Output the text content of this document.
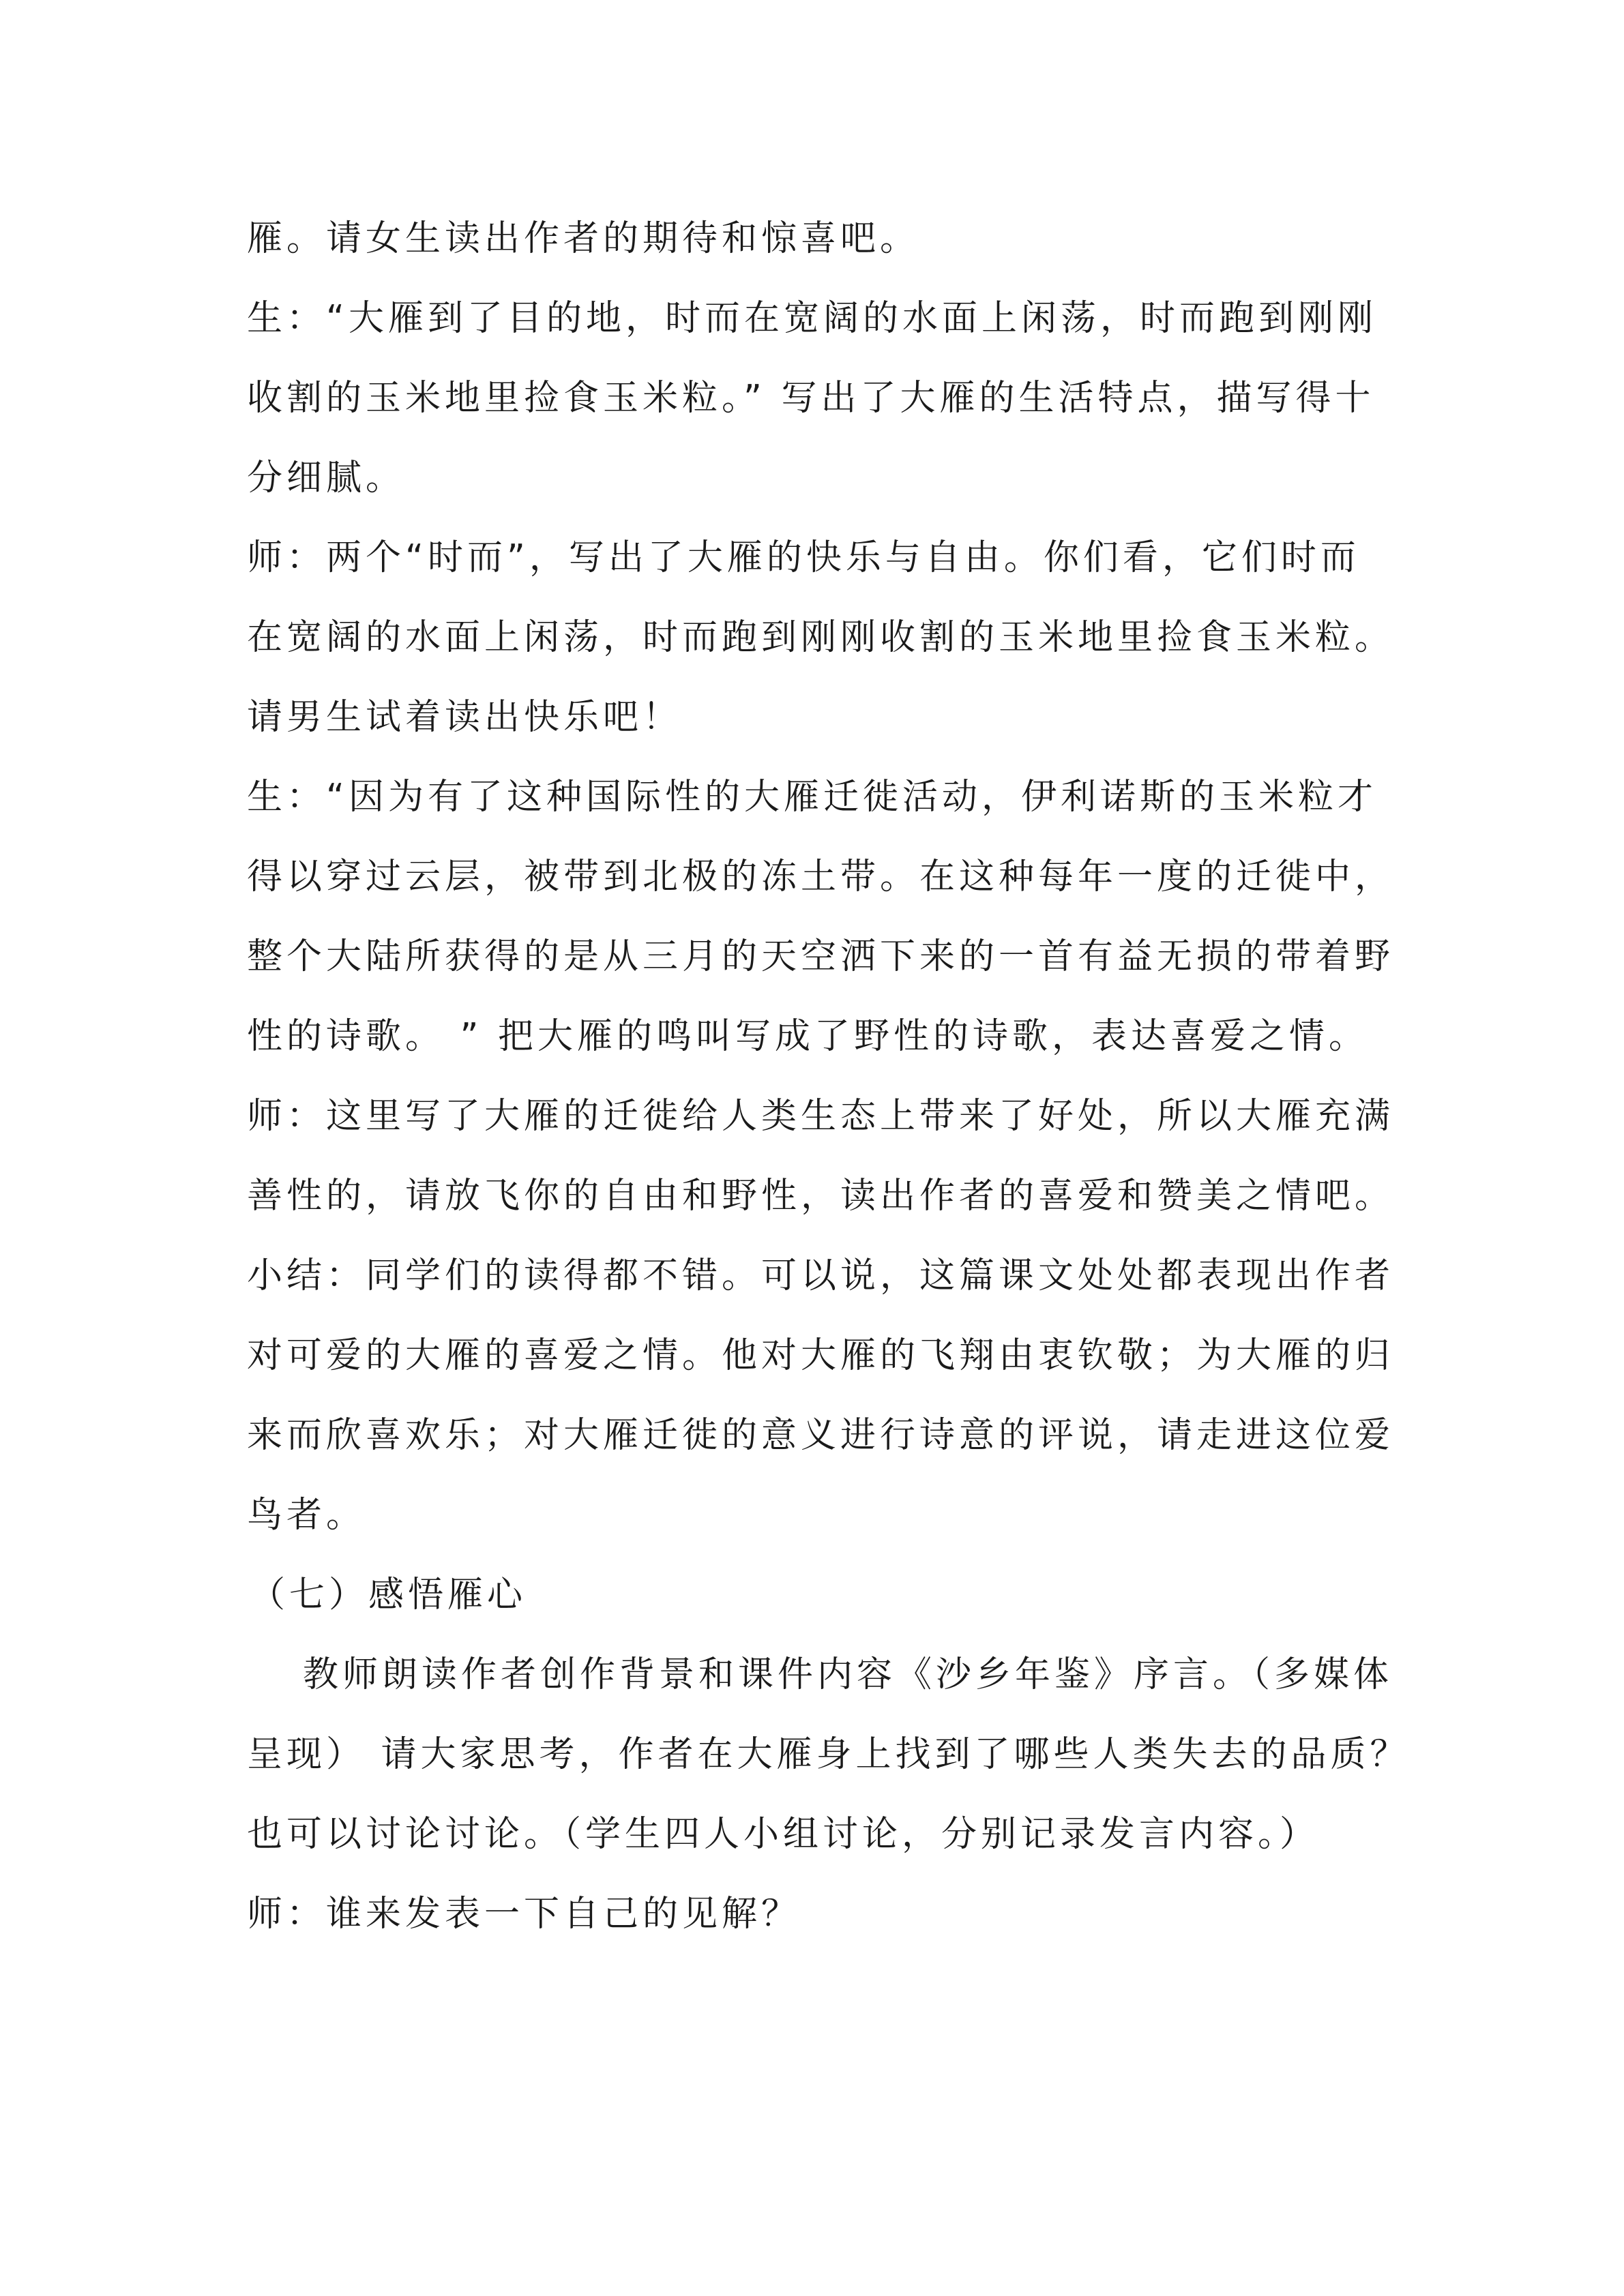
雁。请女生读出作者的期待和惊喜吧。
生：“大雁到了目的地，时而在宽阔的水面上闲荡，时而跑到刚刚
收割的玉米地里捡食玉米粒。” 写出了大雁的生活特点，描写得十
分细腻。
师：两个“时而”，写出了大雁的快乐与自由。你们看，它们时而
在宽阔的水面上闲荡，时而跑到刚刚收割的玉米地里捡食玉米粒。
请男生试着读出快乐吧！
生：“因为有了这种国际性的大雁迁徙活动，伊利诺斯的玉米粒才
得以穿过云层，被带到北极的冻土带。在这种每年一度的迁徙中，
整个大陆所获得的是从三月的天空洒下来的一首有益无损的带着野
性的诗歌。 ” 把大雁的鸣叫写成了野性的诗歌，表达喜爱之情。
师：这里写了大雁的迁徙给人类生态上带来了好处，所以大雁充满
善性的，请放飞你的自由和野性，读出作者的喜爱和赞美之情吧。
小结：同学们的读得都不错。可以说，这篇课文处处都表现出作者
对可爱的大雁的喜爱之情。他对大雁的飞翔由衷钦敬；为大雁的归
来而欣喜欢乐；对大雁迁徙的意义进行诗意的评说，请走进这位爱
鸟者。
（七）感悟雁心
教师朗读作者创作背景和课件内容《沙乡年鉴》序言。（多媒体
呈现） 请大家思考，作者在大雁身上找到了哪些人类失去的品质？
也可以讨论讨论。（学生四人小组讨论，分别记录发言内容。）
师：谁来发表一下自己的见解？
